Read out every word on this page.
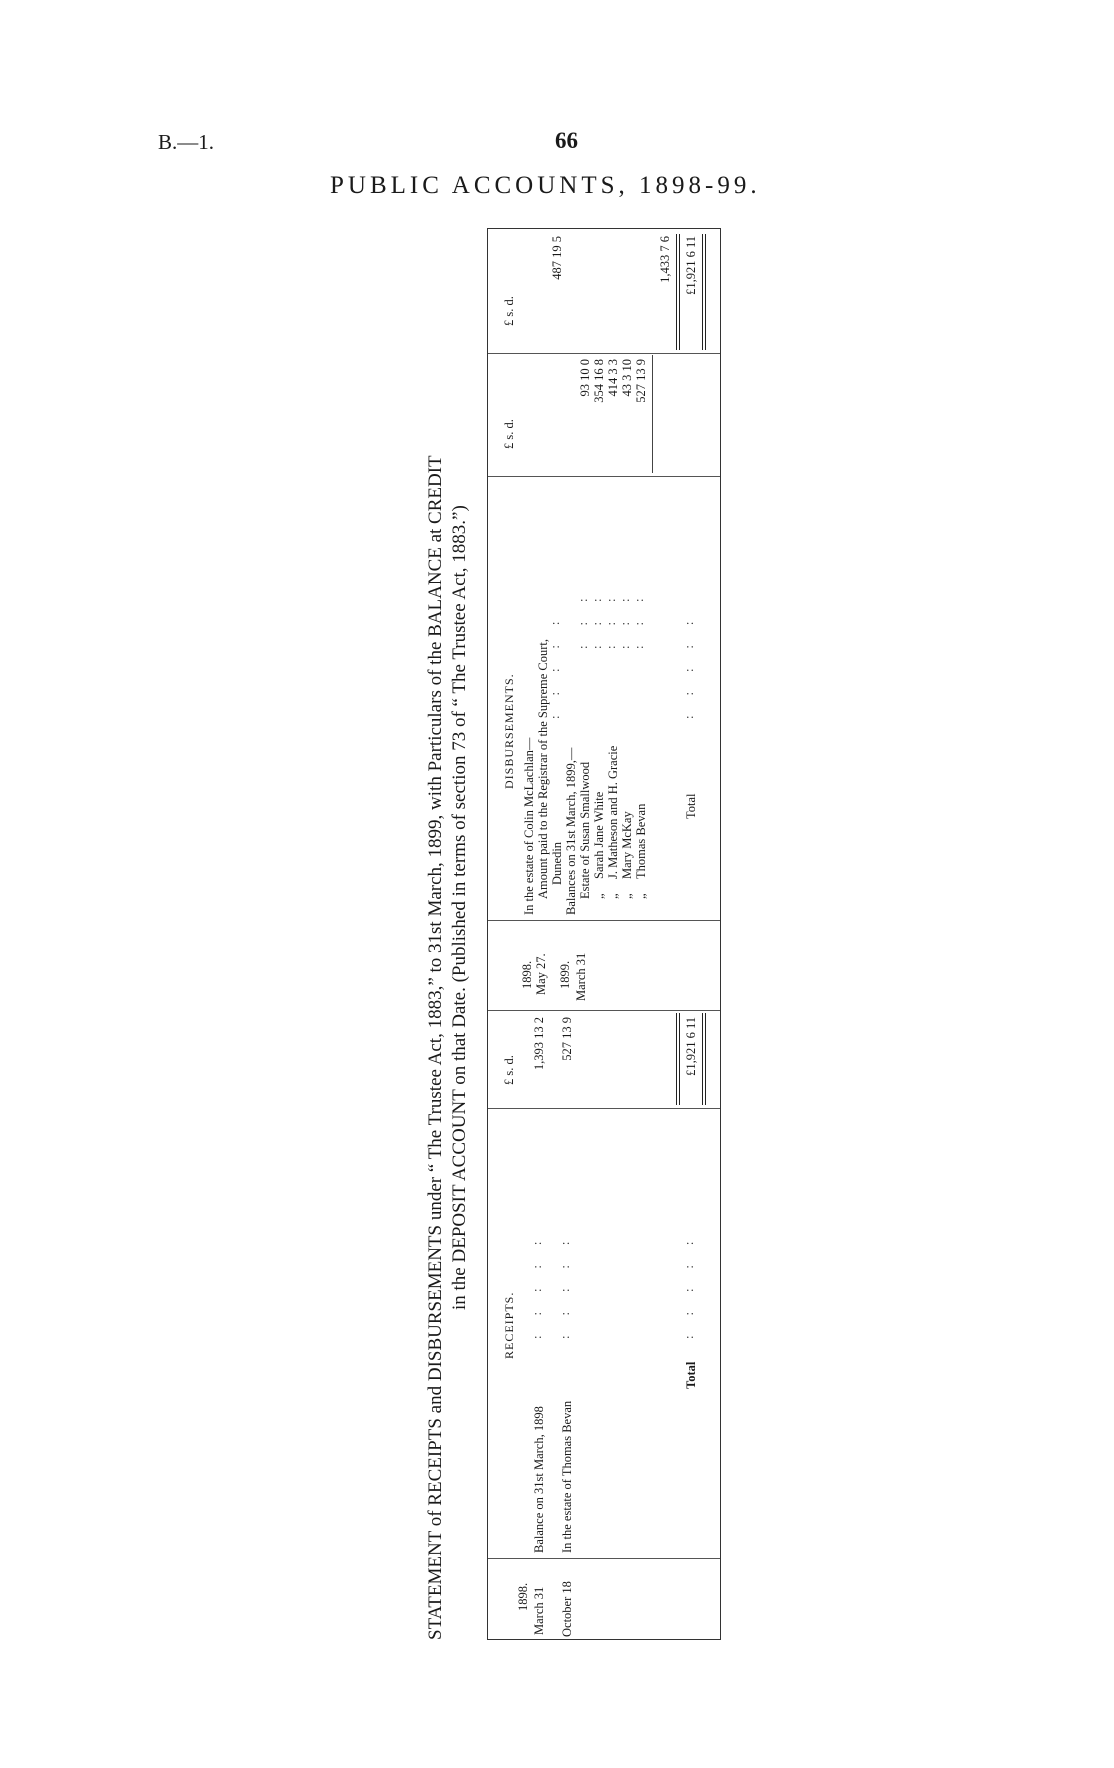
B.—1.	66
PUBLIC ACCOUNTS, 1898-99.
STATEMENT of RECEIPTS and DISBURSEMENTS under “ The Trustee Act, 1883,” to 31st March, 1899, with Particulars of the BALANCE at CREDIT in the DEPOSIT ACCOUNT on that Date. (Published in terms of section 73 of “ The Trustee Act, 1883.”)
RECEIPTS.
£ s. d.
DISBURSEMENTS.
£ s. d.
£ s. d.
1898. March 31
Balance on 31st March, 1898
:::::
1,393 13 2
October 18
In the estate of Thomas Bevan
:::::
527 13 9
Total
:::::
£1,921 6 11
1898. May 27. 1899. March 31
In the estate of Colin McLachlan— Amount paid to the Registrar of the Supreme Court, Dunedin
:::::
487 19 5
Balances on 31st March, 1899,— Estate of Susan Smallwood
:::
93 10 0
„
Sarah Jane White
:::
354 16 8
„
J. Matheson and H. Gracie
:::
414 3 3
„
Mary McKay
:::
43 3 10
„
Thomas Bevan
:::
527 13 9
1,433 7 6
Total
:::::
£1,921 6 11
